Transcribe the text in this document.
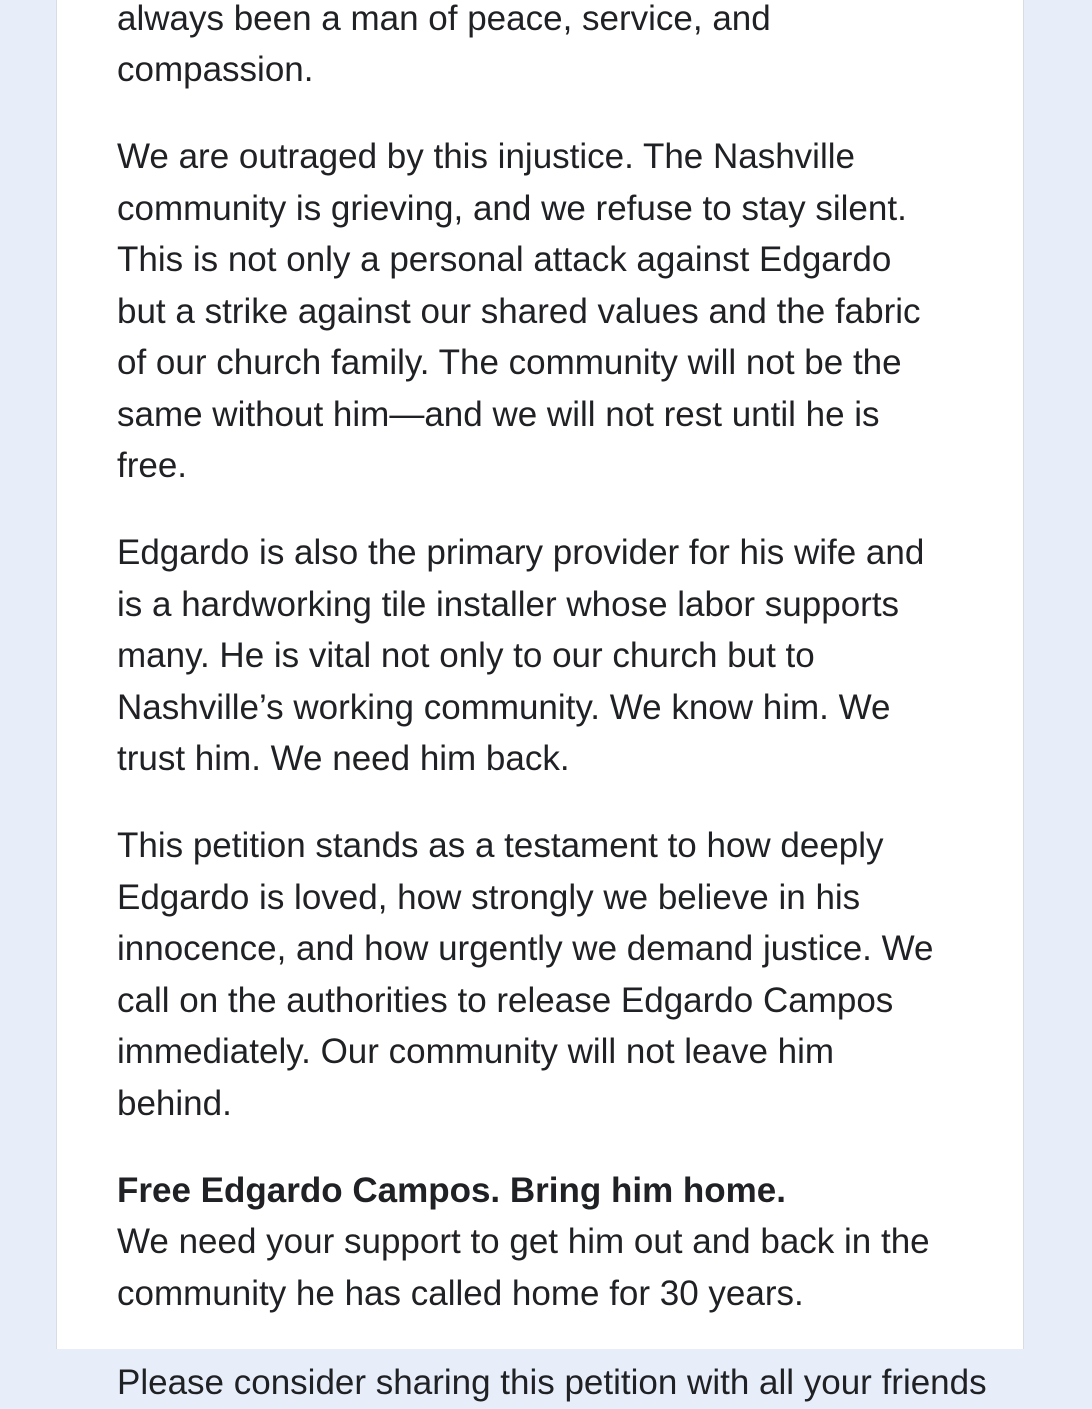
always been a man of peace, service, and
compassion.

We are outraged by this injustice. The Nashville
community is grieving, and we refuse to stay silent.
This is not only a personal attack against Edgardo
but a strike against our shared values and the fabric
of our church family. The community will not be the
same without him—and we will not rest until he is
free.

Edgardo is also the primary provider for his wife and
is a hardworking tile installer whose labor supports
many. He is vital not only to our church but to
Nashville’s working community. We know him. We
trust him. We need him back.

This petition stands as a testament to how deeply
Edgardo is loved, how strongly we believe in his
innocence, and how urgently we demand justice. We
call on the authorities to release Edgardo Campos
immediately. Our community will not leave him
behind.

Free Edgardo Campos. Bring him home.
We need your support to get him out and back in the
community he has called home for 30 years.
Please consider sharing this petition with all your friends
